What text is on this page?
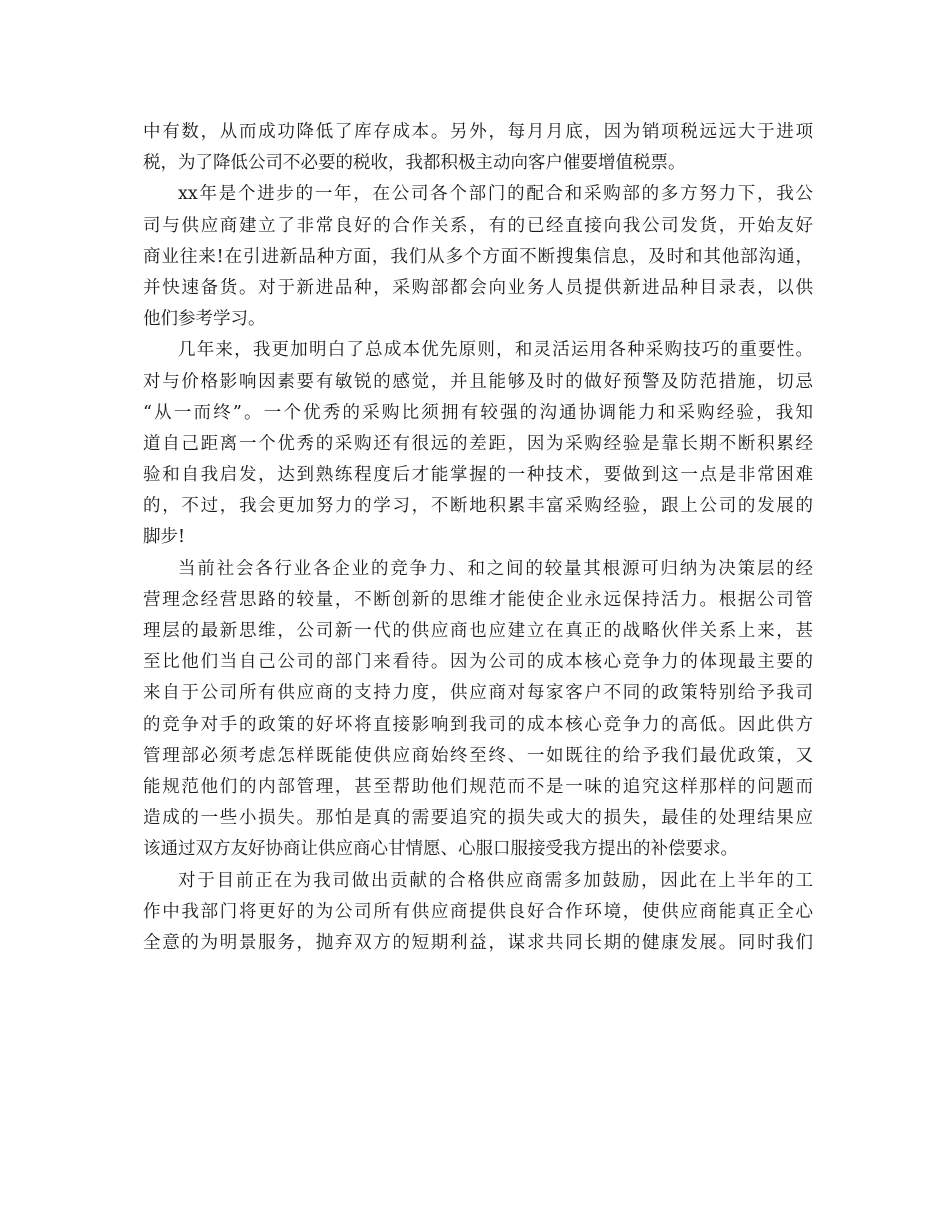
中有数，从而成功降低了库存成本。另外，每月月底，因为销项税远远大于进项
税，为了降低公司不必要的税收，我都积极主动向客户催要增值税票。
xx年是个进步的一年，在公司各个部门的配合和采购部的多方努力下，我公
司与供应商建立了非常良好的合作关系，有的已经直接向我公司发货，开始友好
商业往来!在引进新品种方面，我们从多个方面不断搜集信息，及时和其他部沟通，
并快速备货。对于新进品种，采购部都会向业务人员提供新进品种目录表，以供
他们参考学习。
几年来，我更加明白了总成本优先原则，和灵活运用各种采购技巧的重要性。
对与价格影响因素要有敏锐的感觉，并且能够及时的做好预警及防范措施，切忌
“从一而终”。一个优秀的采购比须拥有较强的沟通协调能力和采购经验，我知
道自己距离一个优秀的采购还有很远的差距，因为采购经验是靠长期不断积累经
验和自我启发，达到熟练程度后才能掌握的一种技术，要做到这一点是非常困难
的，不过，我会更加努力的学习，不断地积累丰富采购经验，跟上公司的发展的
脚步!
当前社会各行业各企业的竞争力、和之间的较量其根源可归纳为决策层的经
营理念经营思路的较量，不断创新的思维才能使企业永远保持活力。根据公司管
理层的最新思维，公司新一代的供应商也应建立在真正的战略伙伴关系上来，甚
至比他们当自己公司的部门来看待。因为公司的成本核心竞争力的体现最主要的
来自于公司所有供应商的支持力度，供应商对每家客户不同的政策特别给予我司
的竞争对手的政策的好坏将直接影响到我司的成本核心竞争力的高低。因此供方
管理部必须考虑怎样既能使供应商始终至终、一如既往的给予我们最优政策，又
能规范他们的内部管理，甚至帮助他们规范而不是一味的追究这样那样的问题而
造成的一些小损失。那怕是真的需要追究的损失或大的损失，最佳的处理结果应
该通过双方友好协商让供应商心甘情愿、心服口服接受我方提出的补偿要求。
对于目前正在为我司做出贡献的合格供应商需多加鼓励，因此在上半年的工
作中我部门将更好的为公司所有供应商提供良好合作环境，使供应商能真正全心
全意的为明景服务，抛弃双方的短期利益，谋求共同长期的健康发展。同时我们
